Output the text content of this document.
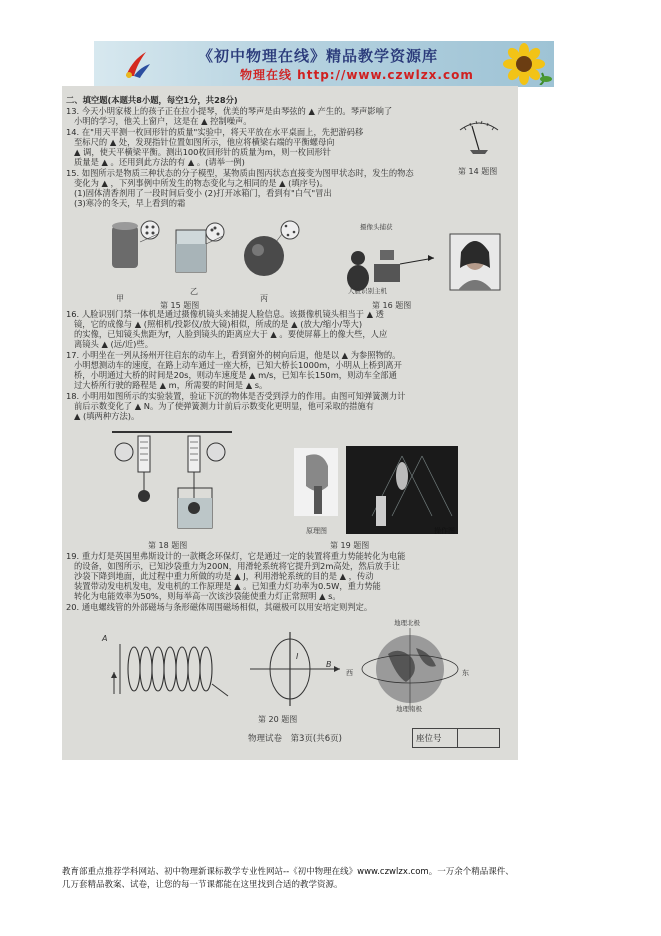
《初中物理在线》精品教学资源库
物理在线 http://www.czwlzx.com
二、填空题(本题共8小题，每空1分，共28分)
13. 今天小明家楼上的孩子正在拉小提琴，优美的琴声是由琴弦的 ▲ 产生的。琴声影响了
小明的学习，他关上窗户，这是在 ▲ 控制噪声。
14. 在"用天平测一枚回形针的质量"实验中，将天平放在水平桌面上，先把游码移
至标尺的 ▲ 处，发现指针位置如图所示，他应将横梁右端的平衡螺母向
▲ 调，使天平横梁平衡。测出100枚回形针的质量为m，则一枚回形针
质量是 ▲ 。还用到此方法的有 ▲ 。(请举一例)
第 14 题图
15. 如图所示是物质三种状态的分子模型，某物质由图丙状态直接变为图甲状态时，发生的物态
变化为 ▲ ，下列事例中所发生的物态变化与之相同的是 ▲ (填序号)。
(1)固体清香剂用了一段时间后变小 (2)打开冰箱门，看到有"白气"冒出
(3)寒冷的冬天，早上看到的霜
甲
乙
丙
第 15 题图
摄像头捕获
人脸识别主机
第 16 题图
16. 人脸识别门禁一体机是通过摄像机镜头来捕捉人脸信息。该摄像机镜头相当于 ▲ 透
镜，它的成像与 ▲ (照相机/投影仪/放大镜)相似，所成的是 ▲ (放大/缩小/等大)
的实像，已知镜头焦距为f，人脸到镜头的距离应大于 ▲ 。要使屏幕上的像大些，人应
离镜头 ▲ (远/近)些。
17. 小明坐在一列从扬州开往启东的动车上，看到窗外的树向后退，他是以 ▲ 为参照物的。
小明想测动车的速度，在路上动车通过一座大桥，已知大桥长1000m，小明从上桥到离开
桥，小明通过大桥的时间是20s，则动车速度是 ▲ m/s，已知车长150m，则动车全部通
过大桥所行驶的路程是 ▲ m，所需要的时间是 ▲ s。
18. 小明用如图所示的实验装置，验证下沉的物体是否受到浮力的作用。由图可知弹簧测力计
前后示数变化了 ▲ N。为了使弹簧测力计前后示数变化更明显，他可采取的措施有
▲ (填两种方法)。
第 18 题图
原理图	操作图
第 19 题图
19. 重力灯是英国里弗斯设计的一款概念环保灯，它是通过一定的装置将重力势能转化为电能
的设备，如图所示，已知沙袋重力为200N，用滑轮系统将它提升到2m高处，然后放手让
沙袋下降到地面，此过程中重力所做的功是 ▲ J，利用滑轮系统的目的是 ▲ ，传动
装置带动发电机发电，发电机的工作原理是 ▲ 。已知重力灯功率为0.5W，重力势能
转化为电能效率为50%，则每举高一次该沙袋能使重力灯正常照明 ▲ s。
20. 通电螺线管的外部磁场与条形磁体周围磁场相似，其磁极可以用安培定则判定。
A
I
B
地理北极
地理南极
西	东
第 20 题图
物理试卷　第3页(共6页)	座位号
教育部重点推荐学科网站、初中物理新课标教学专业性网站--《初中物理在线》www.czwlzx.com。一万余个精品课件、
几万套精品教案、试卷，让您的每一节课都能在这里找到合适的教学资源。
